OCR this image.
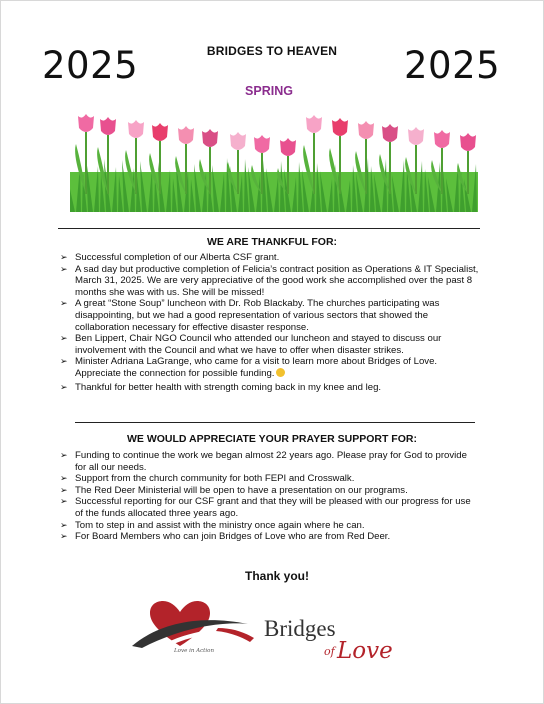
2025	BRIDGES TO HEAVEN	2025
SPRING
WE ARE THANKFUL FOR:
➢ Successful completion of our Alberta CSF grant.
➢ A sad day but productive completion of Felicia’s contract position as Operations & IT Specialist, March 31, 2025. We are very appreciative of the good work she accomplished over the past 8 months she was with us. She will be missed!
➢ A great “Stone Soup” luncheon with Dr. Rob Blackaby. The churches participating was disappointing, but we had a good representation of various sectors that showed the collaboration necessary for effective disaster response.
➢ Ben Lippert, Chair NGO Council who attended our luncheon and stayed to discuss our involvement with the Council and what we have to offer when disaster strikes.
➢ Minister Adriana LaGrange, who came for a visit to learn more about Bridges of Love. Appreciate the connection for possible funding.
➢ Thankful for better health with strength coming back in my knee and leg.
WE WOULD APPRECIATE YOUR PRAYER SUPPORT FOR:
➢ Funding to continue the work we began almost 22 years ago. Please pray for God to provide for all our needs.
➢ Support from the church community for both FEPI and Crosswalk.
➢ The Red Deer Ministerial will be open to have a presentation on our programs.
➢ Successful reporting for our CSF grant and that they will be pleased with our progress for use of the funds allocated three years ago.
➢ Tom to step in and assist with the ministry once again where he can.
➢ For Board Members who can join Bridges of Love who are from Red Deer.
Thank you!
Love in Action
Bridges
of Love
